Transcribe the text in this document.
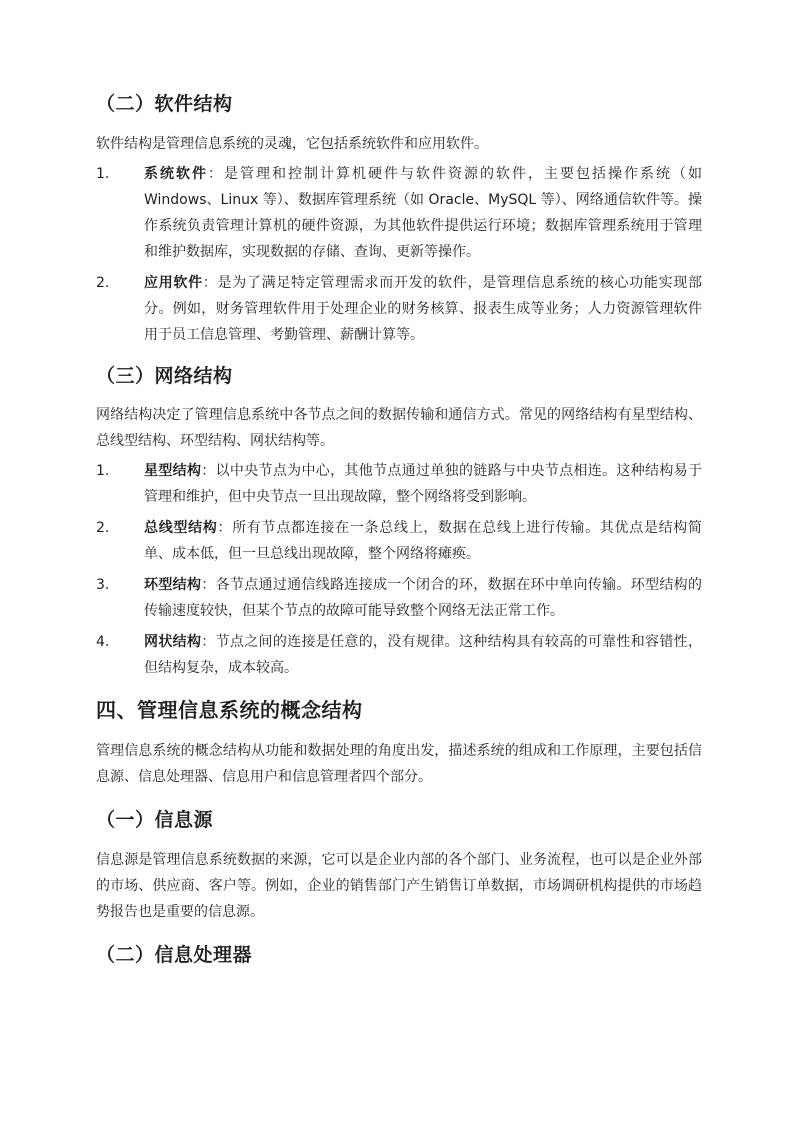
（二）软件结构
软件结构是管理信息系统的灵魂，它包括系统软件和应用软件。
1.	系统软件：是管理和控制计算机硬件与软件资源的软件，主要包括操作系统（如 Windows、Linux 等）、数据库管理系统（如 Oracle、MySQL 等）、网络通信软件等。操作系统负责管理计算机的硬件资源，为其他软件提供运行环境；数据库管理系统用于管理和维护数据库，实现数据的存储、查询、更新等操作。
2.	应用软件：是为了满足特定管理需求而开发的软件，是管理信息系统的核心功能实现部分。例如，财务管理软件用于处理企业的财务核算、报表生成等业务；人力资源管理软件用于员工信息管理、考勤管理、薪酬计算等。
（三）网络结构
网络结构决定了管理信息系统中各节点之间的数据传输和通信方式。常见的网络结构有星型结构、总线型结构、环型结构、网状结构等。
1.	星型结构：以中央节点为中心，其他节点通过单独的链路与中央节点相连。这种结构易于管理和维护，但中央节点一旦出现故障，整个网络将受到影响。
2.	总线型结构：所有节点都连接在一条总线上，数据在总线上进行传输。其优点是结构简单、成本低，但一旦总线出现故障，整个网络将瘫痪。
3.	环型结构：各节点通过通信线路连接成一个闭合的环，数据在环中单向传输。环型结构的传输速度较快，但某个节点的故障可能导致整个网络无法正常工作。
4.	网状结构：节点之间的连接是任意的，没有规律。这种结构具有较高的可靠性和容错性，但结构复杂，成本较高。
四、管理信息系统的概念结构
管理信息系统的概念结构从功能和数据处理的角度出发，描述系统的组成和工作原理，主要包括信息源、信息处理器、信息用户和信息管理者四个部分。
（一）信息源
信息源是管理信息系统数据的来源，它可以是企业内部的各个部门、业务流程，也可以是企业外部的市场、供应商、客户等。例如，企业的销售部门产生销售订单数据，市场调研机构提供的市场趋势报告也是重要的信息源。
（二）信息处理器
